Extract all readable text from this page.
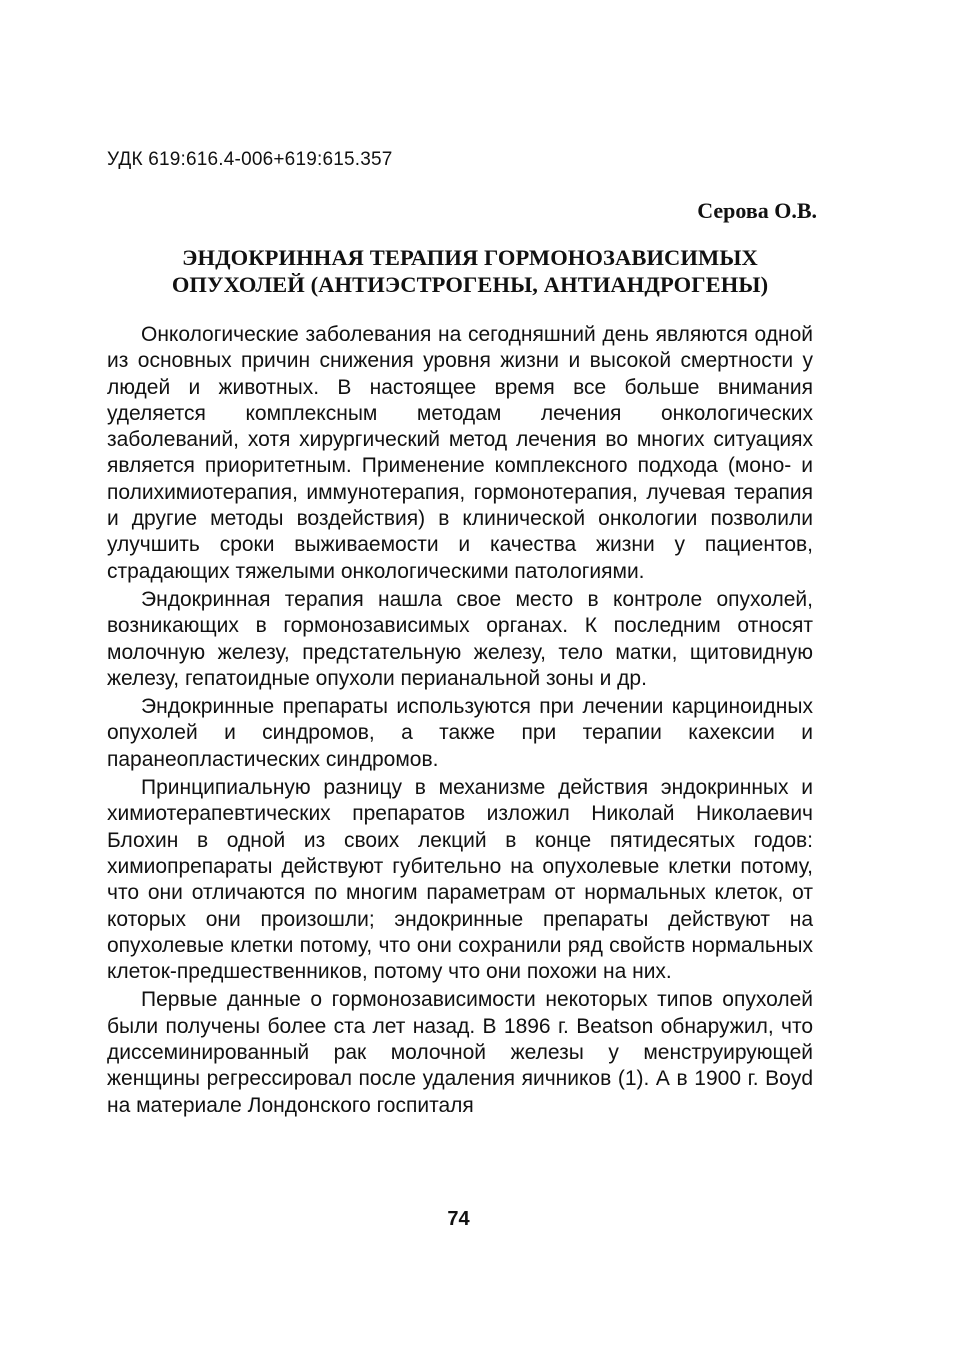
УДК 619:616.4-006+619:615.357
Серова О.В.
ЭНДОКРИННАЯ ТЕРАПИЯ ГОРМОНОЗАВИСИМЫХ
ОПУХОЛЕЙ (АНТИЭСТРОГЕНЫ, АНТИАНДРОГЕНЫ)

Онкологические заболевания на сегодняшний день являются одной из основных причин снижения уровня жизни и высокой смертности у людей и животных. В настоящее время все больше внимания уделяется комплексным методам лечения онкологических заболеваний, хотя хирургический метод лечения во многих ситуациях является приоритетным. Применение комплексного подхода (моно- и полихимиотерапия, иммунотерапия, гормонотерапия, лучевая терапия и другие методы воздействия) в клинической онкологии позволили улучшить сроки выживаемости и качества жизни у пациентов, страдающих тяжелыми онкологическими патологиями.

Эндокринная терапия нашла свое место в контроле опухолей, возникающих в гормонозависимых органах. К последним относят молочную железу, предстательную железу, тело матки, щитовидную железу, гепатоидные опухоли перианальной зоны и др.

Эндокринные препараты используются при лечении карциноидных опухолей и синдромов, а также при терапии кахексии и паранеопластических синдромов.

Принципиальную разницу в механизме действия эндокринных и химиотерапевтических препаратов изложил Николай Николаевич Блохин в одной из своих лекций в конце пятидесятых годов: химиопрепараты действуют губительно на опухолевые клетки потому, что они отличаются по многим параметрам от нормальных клеток, от которых они произошли; эндокринные препараты действуют на опухолевые клетки потому, что они сохранили ряд свойств нормальных клеток-предшественников, потому что они похожи на них.

Первые данные о гормонозависимости некоторых типов опухолей были получены более ста лет назад. В 1896 г. Beatson обнаружил, что диссеминированный рак молочной железы у менструирующей женщины регрессировал после удаления яичников (1). А в 1900 г. Boyd на материале Лондонского госпиталя

74
